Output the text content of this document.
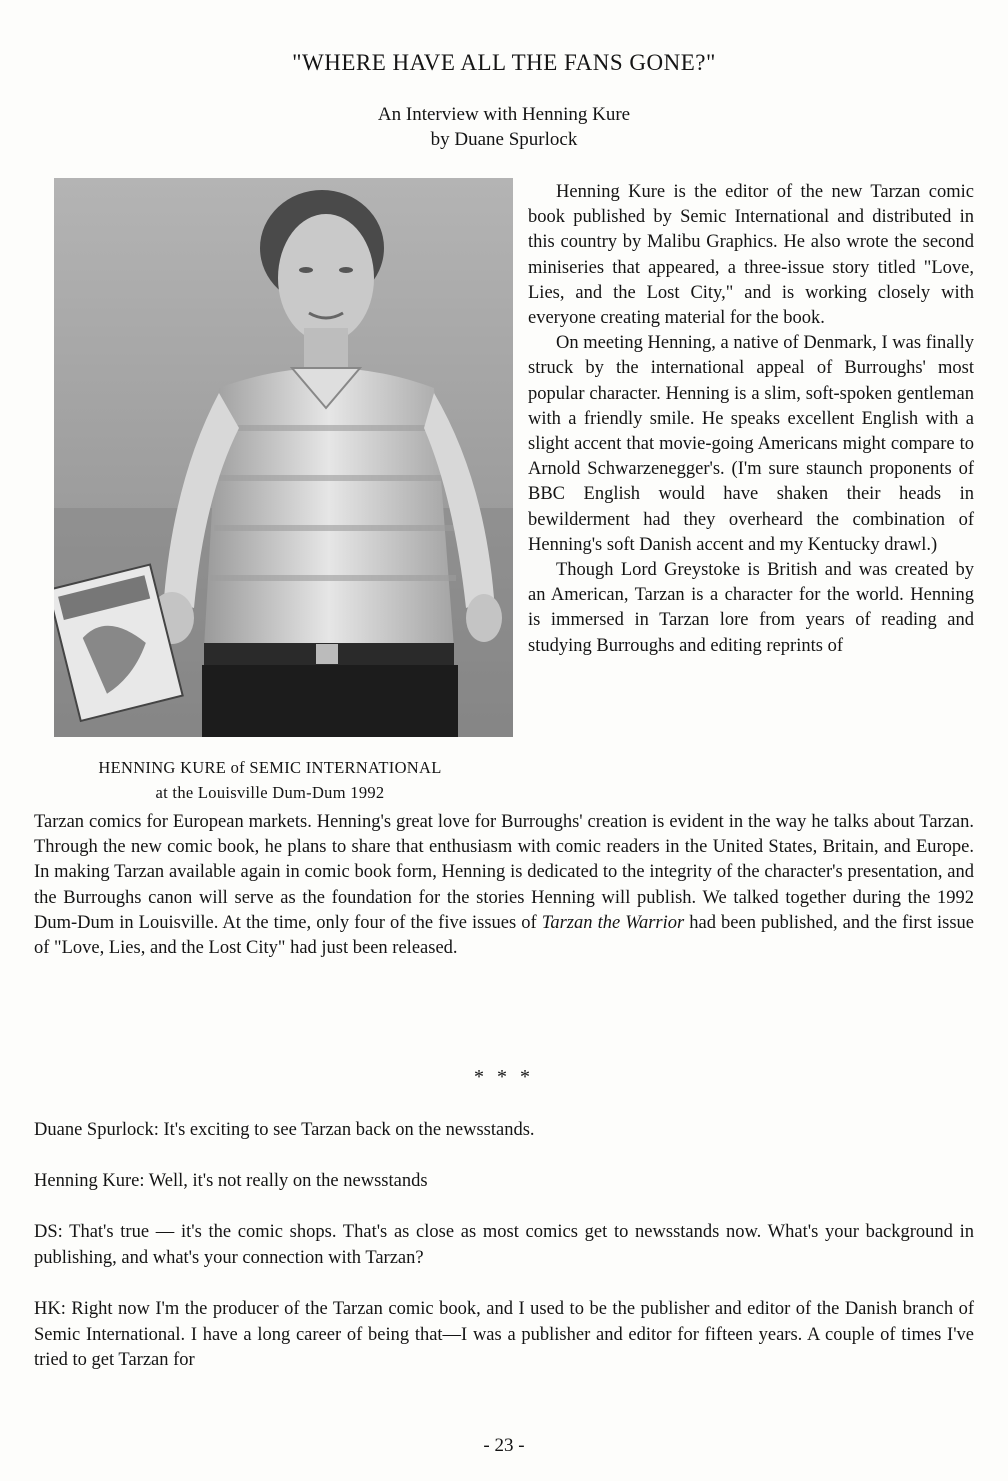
"WHERE HAVE ALL THE FANS GONE?"
An Interview with Henning Kure
by Duane Spurlock
HENNING KURE of SEMIC INTERNATIONAL
at the Louisville Dum-Dum 1992

Henning Kure is the editor of the new Tarzan comic book published by Semic International and distributed in this country by Malibu Graphics. He also wrote the second miniseries that appeared, a three-issue story titled "Love, Lies, and the Lost City," and is working closely with everyone creating material for the book.

On meeting Henning, a native of Denmark, I was finally struck by the international appeal of Burroughs' most popular character. Henning is a slim, soft-spoken gentleman with a friendly smile. He speaks excellent English with a slight accent that movie-going Americans might compare to Arnold Schwarzenegger's. (I'm sure staunch proponents of BBC English would have shaken their heads in bewilderment had they overheard the combination of Henning's soft Danish accent and my Kentucky drawl.)

Though Lord Greystoke is British and was created by an American, Tarzan is a character for the world. Henning is immersed in Tarzan lore from years of reading and studying Burroughs and editing reprints of

Tarzan comics for European markets. Henning's great love for Burroughs' creation is evident in the way he talks about Tarzan. Through the new comic book, he plans to share that enthusiasm with comic readers in the United States, Britain, and Europe. In making Tarzan available again in comic book form, Henning is dedicated to the integrity of the character's presentation, and the Burroughs canon will serve as the foundation for the stories Henning will publish. We talked together during the 1992 Dum-Dum in Louisville. At the time, only four of the five issues of Tarzan the Warrior had been published, and the first issue of "Love, Lies, and the Lost City" had just been released.

* * *

Duane Spurlock: It's exciting to see Tarzan back on the newsstands.

Henning Kure: Well, it's not really on the newsstands

DS: That's true — it's the comic shops. That's as close as most comics get to newsstands now. What's your background in publishing, and what's your connection with Tarzan?

HK: Right now I'm the producer of the Tarzan comic book, and I used to be the publisher and editor of the Danish branch of Semic International. I have a long career of being that—I was a publisher and editor for fifteen years. A couple of times I've tried to get Tarzan for

- 23 -
